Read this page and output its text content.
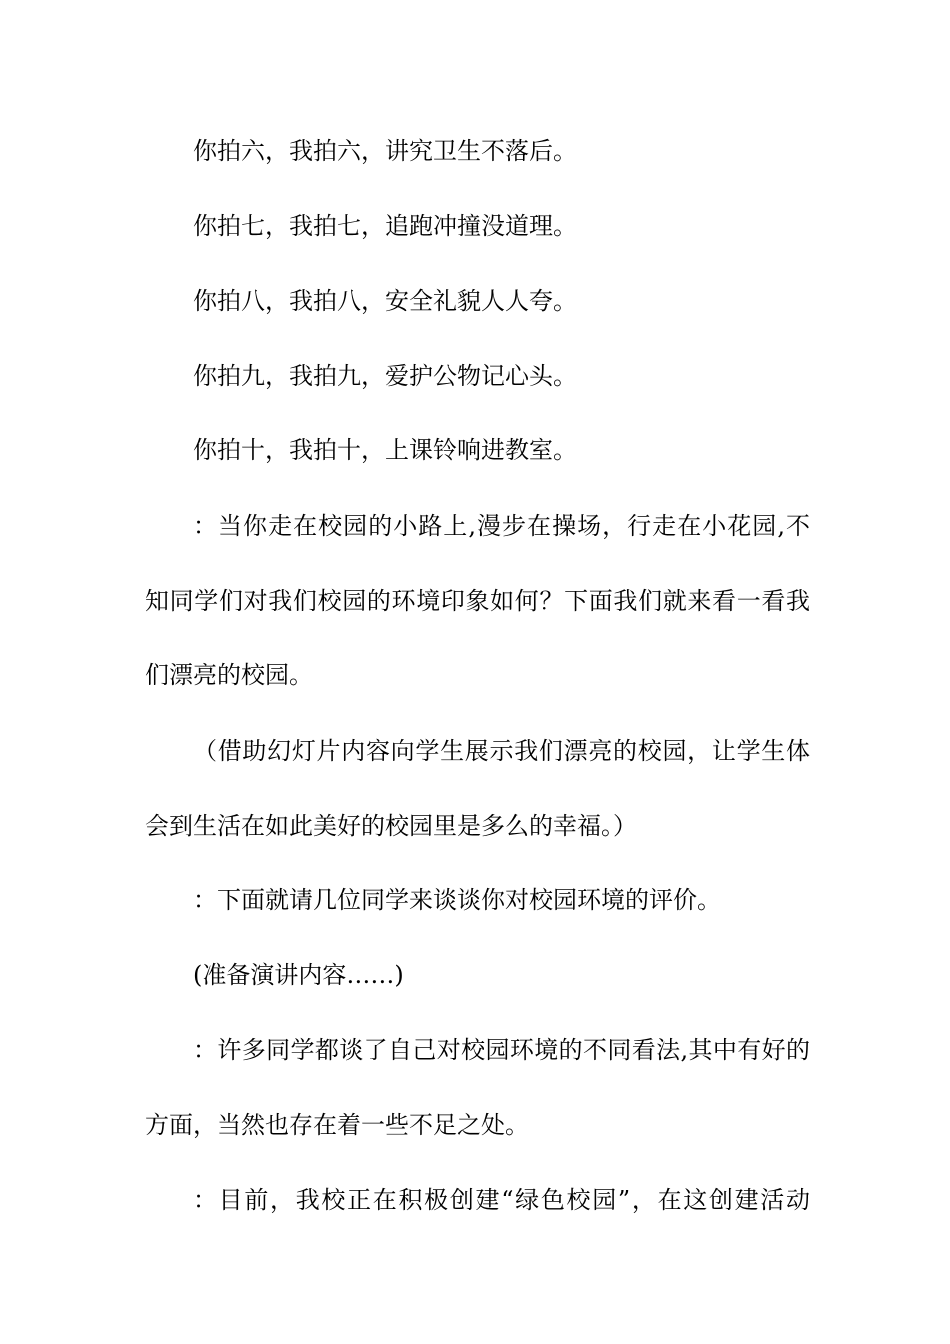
你拍六，我拍六，讲究卫生不落后。
你拍七，我拍七，追跑冲撞没道理。
你拍八，我拍八，安全礼貌人人夸。
你拍九，我拍九，爱护公物记心头。
你拍十，我拍十，上课铃响进教室。
：当你走在校园的小路上,漫步在操场，行走在小花园,不
知同学们对我们校园的环境印象如何？下面我们就来看一看我
们漂亮的校园。
（借助幻灯片内容向学生展示我们漂亮的校园，让学生体
会到生活在如此美好的校园里是多么的幸福。）
：下面就请几位同学来谈谈你对校园环境的评价。
(准备演讲内容……)
：许多同学都谈了自己对校园环境的不同看法,其中有好的
方面，当然也存在着一些不足之处。
：目前，我校正在积极创建“绿色校园”，在这创建活动
